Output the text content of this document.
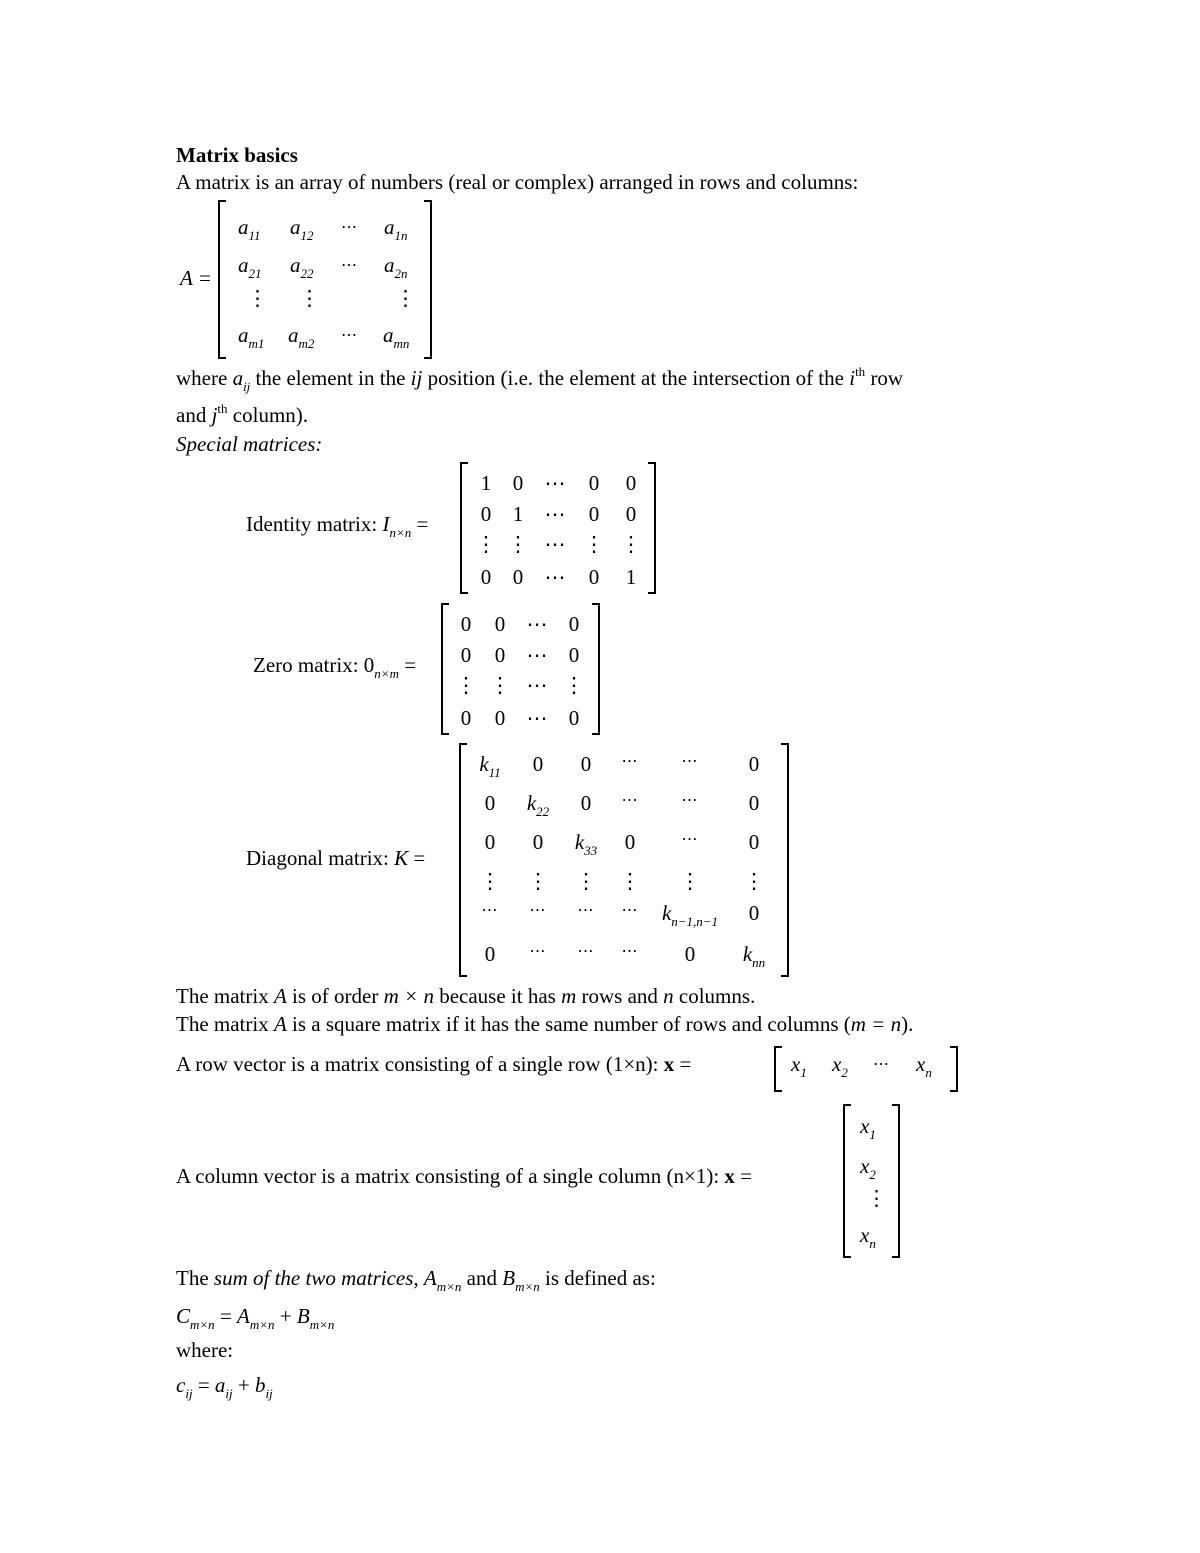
Matrix basics
A matrix is an array of numbers (real or complex) arranged in rows and columns:
A =
$a_{11}$ $a_{12}$ ⋯ $a_{1n}$
$a_{21}$ $a_{22}$ ⋯ $a_{2n}$
⋮ ⋮	⋮
$a_{m1}$ $a_{m2}$ ⋯ $a_{mn}$
where $a_{ij}$ the element in the ij position (i.e. the element at the intersection of the $i^{th}$ row
and $j^{th}$ column).
Special matrices:
Identity matrix: $I_{n\times n}$ =
1 0 ⋯ 0 0
0 1 ⋯ 0 0
⋮ ⋮ ⋯ ⋮ ⋮
0 0 ⋯ 0 1
Zero matrix: $0_{n\times m}$ =
0 0 ⋯ 0
0 0 ⋯ 0
⋮ ⋮ ⋯ ⋮
0 0 ⋯ 0
Diagonal matrix: K =
$k_{11}$ 0 0 ⋯	⋯ 0
0 $k_{22}$ 0 ⋯	⋯ 0
0 0 $k_{33}$ 0	⋯ 0
⋮ ⋮ ⋮ ⋮ ⋮ ⋮
⋯ ⋯ ⋯ ⋯ $k_{n-1,n-1}$ 0
0 ⋯ ⋯ ⋯ 0 $k_{nn}$
The matrix A is of order m × n because it has m rows and n columns.
The matrix A is a square matrix if it has the same number of rows and columns (m = n).
A row vector is a matrix consisting of a single row (1×n): x =	$x_1$ $x_2$ ⋯ $x_n$
A column vector is a matrix consisting of a single column (n×1): x =
$x_1$
$x_2$
⋮
$x_n$
The sum of the two matrices, $A_{m\times n}$ and $B_{m\times n}$ is defined as:
$C_{m\times n} = A_{m\times n} + B_{m\times n}$
where:
$c_{ij} = a_{ij} + b_{ij}$
